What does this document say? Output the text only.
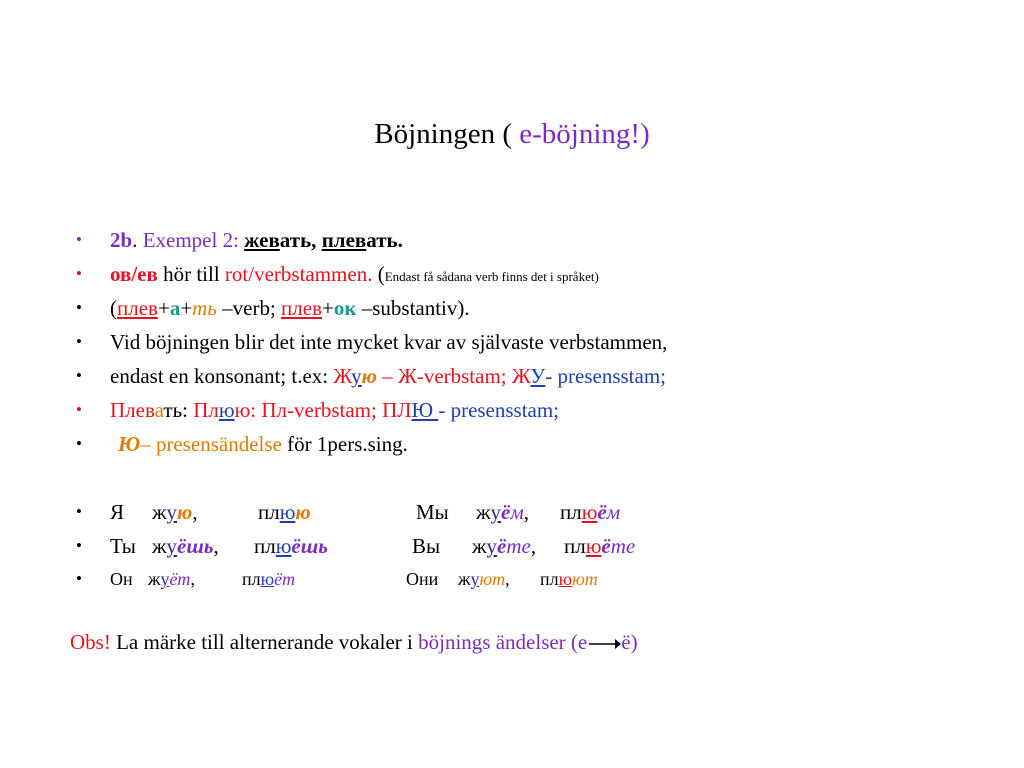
Böjningen ( e-böjning!)
• 2b. Exempel 2: жевать, плевать.
• ов/ев hör till rot/verbstammen. (Endast få sådana verb finns det i språket)
• (плев+а+ть –verb; плев+ок –substantiv).
• Vid böjningen blir det inte mycket kvar av självaste verbstammen,
• endast en konsonant; t.ex: Жую – Ж-verbstam; ЖУ- presensstam;
• Плевать: Плюю: Пл-verbstam; ПЛЮ - presensstam;
• Ю– presensändelse för 1pers.sing.
• Я жую,	плюю	Мы жуём, плюём
• Ты жуёшь, плюёшь	Вы жуёте, плюёте
• Он жуёт,	плюёт	Они жуют, плюют
Obs! La märke till alternerande vokaler i böjnings ändelser (е ё)
